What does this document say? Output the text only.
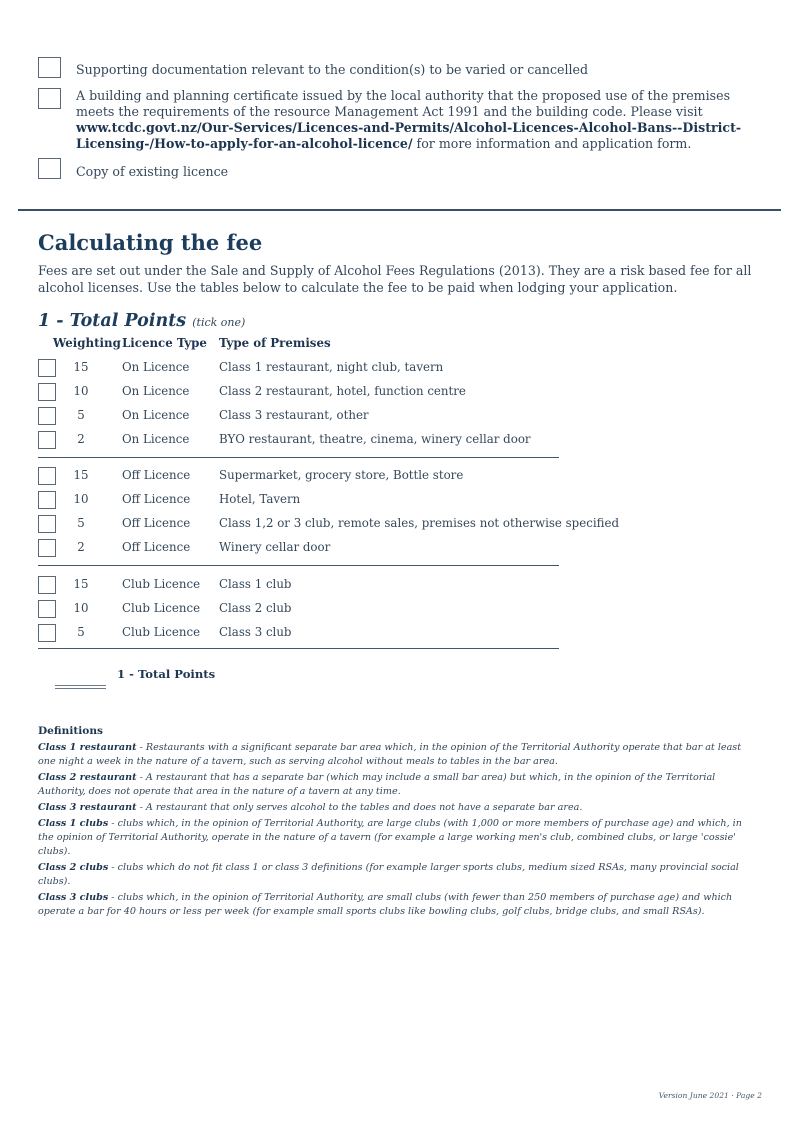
Supporting documentation relevant to the condition(s) to be varied or cancelled
A building and planning certificate issued by the local authority that the proposed use of the premises meets the requirements of the resource Management Act 1991 and the building code. Please visit www.tcdc.govt.nz/Our-Services/Licences-and-Permits/Alcohol-Licences-Alcohol-Bans--District-Licensing-/How-to-apply-for-an-alcohol-licence/ for more information and application form.
Copy of existing licence
Calculating the fee
Fees are set out under the Sale and Supply of Alcohol Fees Regulations (2013). They are a risk based fee for all alcohol licenses. Use the tables below to calculate the fee to be paid when lodging your application.
1 - Total Points (tick one)
Weighting Licence Type Type of Premises
15	On Licence	Class 1 restaurant, night club, tavern
10	On Licence	Class 2 restaurant, hotel, function centre
5	On Licence	Class 3 restaurant, other
2	On Licence	BYO restaurant, theatre, cinema, winery cellar door
15	Off Licence Supermarket, grocery store, Bottle store
10	Off Licence Hotel, Tavern
5	Off Licence Class 1,2 or 3 club, remote sales, premises not otherwise specified
2	Off Licence Winery cellar door
15	Club Licence Class 1 club
10	Club Licence Class 2 club
5	Club Licence Class 3 club
1 - Total Points
Definitions
Class 1 restaurant - Restaurants with a significant separate bar area which, in the opinion of the Territorial Authority operate that bar at least one night a week in the nature of a tavern, such as serving alcohol without meals to tables in the bar area.
Class 2 restaurant - A restaurant that has a separate bar (which may include a small bar area) but which, in the opinion of the Territorial Authority, does not operate that area in the nature of a tavern at any time.
Class 3 restaurant - A restaurant that only serves alcohol to the tables and does not have a separate bar area.
Class 1 clubs - clubs which, in the opinion of Territorial Authority, are large clubs (with 1,000 or more members of purchase age) and which, in the opinion of Territorial Authority, operate in the nature of a tavern (for example a large working men's club, combined clubs, or large 'cossie' clubs).
Class 2 clubs - clubs which do not fit class 1 or class 3 definitions (for example larger sports clubs, medium sized RSAs, many provincial social clubs).
Class 3 clubs - clubs which, in the opinion of Territorial Authority, are small clubs (with fewer than 250 members of purchase age) and which operate a bar for 40 hours or less per week (for example small sports clubs like bowling clubs, golf clubs, bridge clubs, and small RSAs).
Version June 2021 · Page 2
